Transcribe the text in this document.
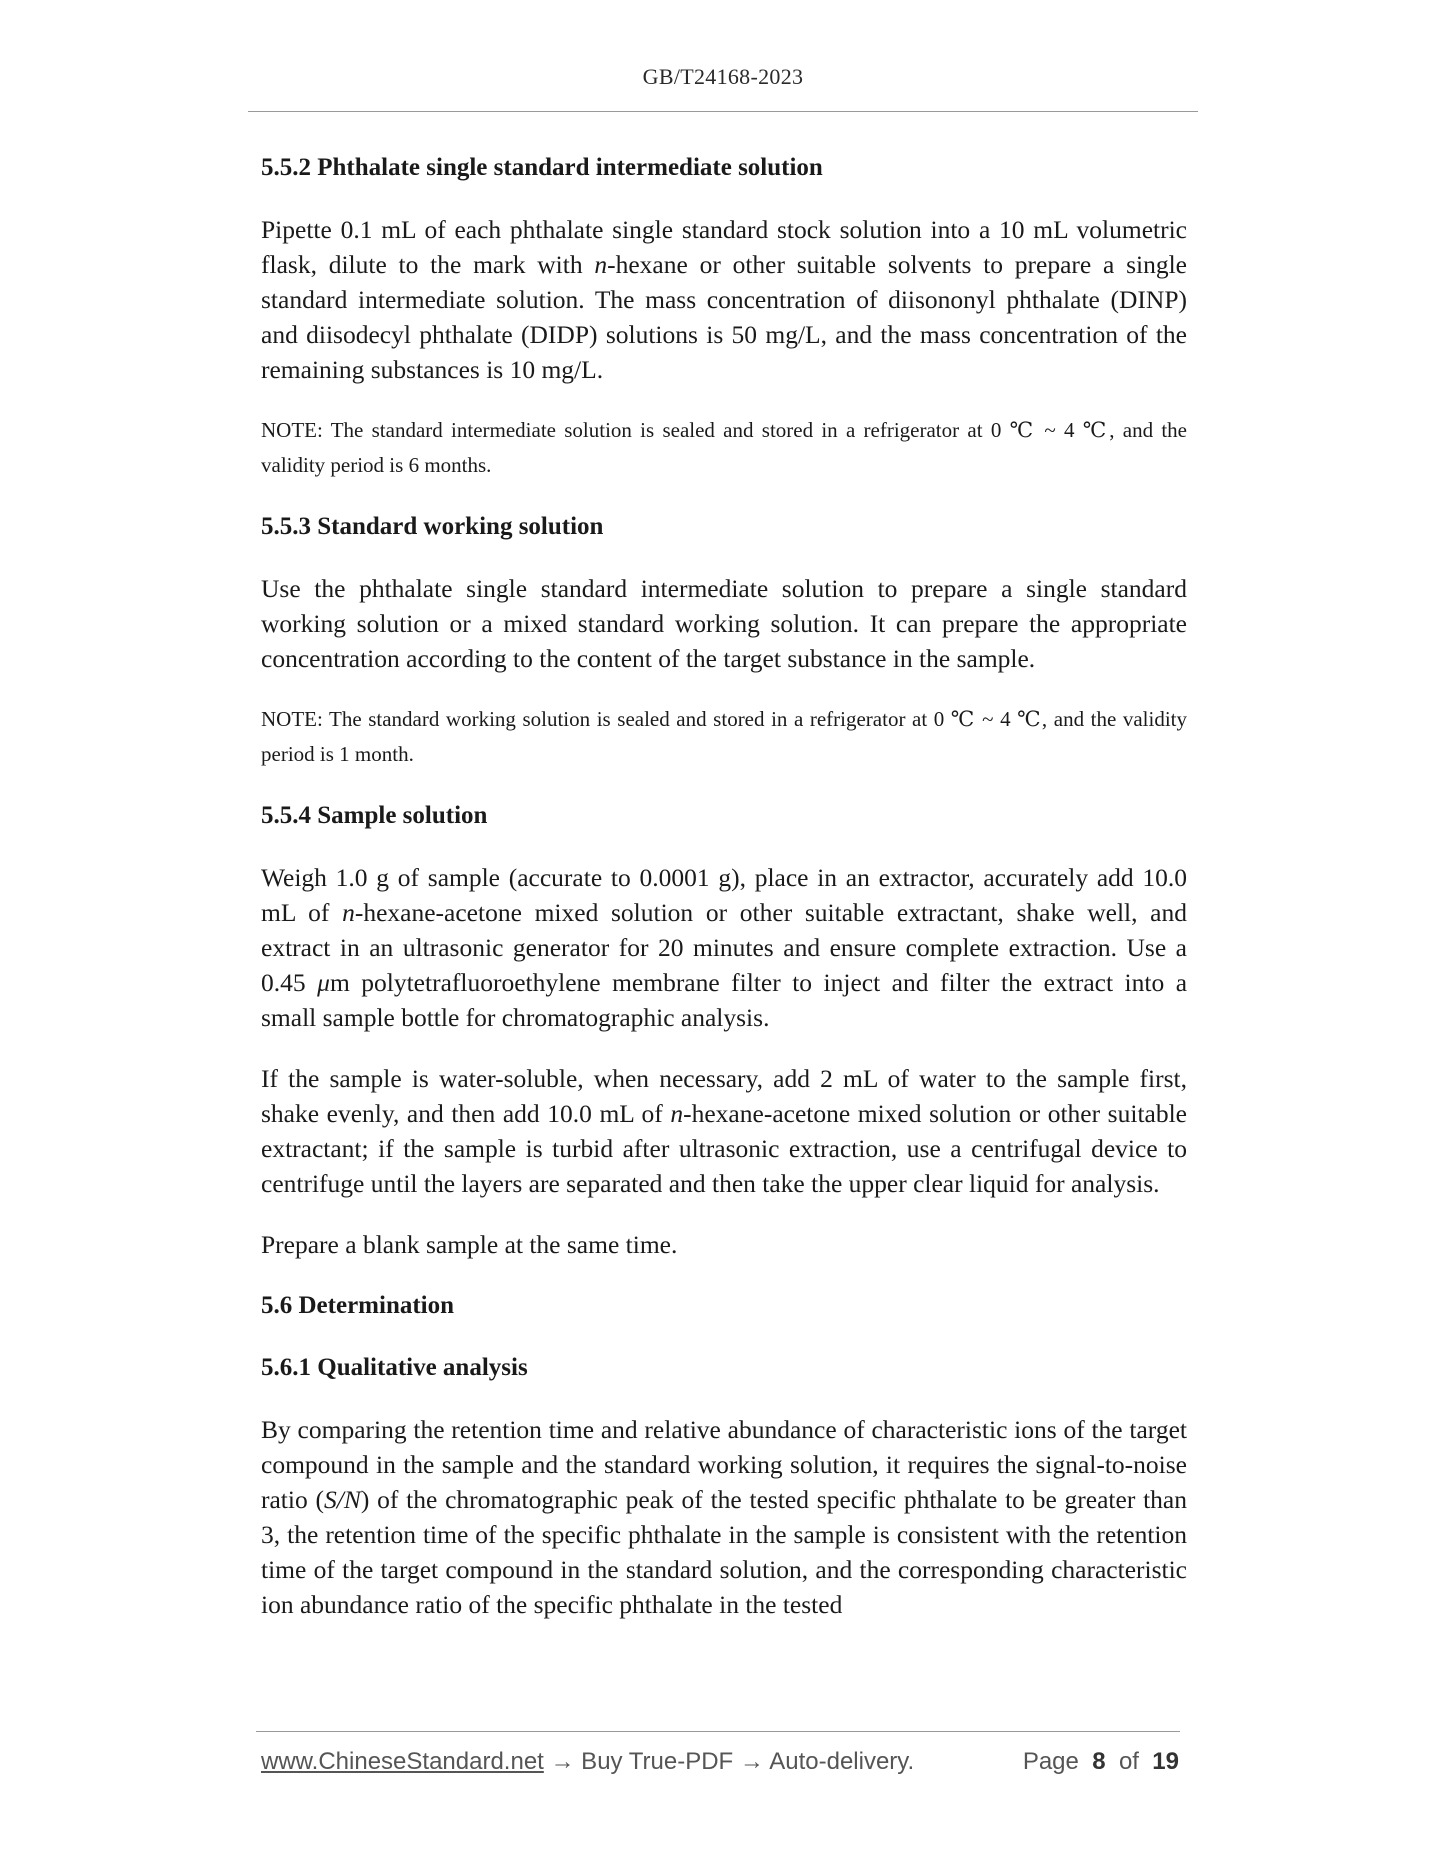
GB/T24168-2023
5.5.2 Phthalate single standard intermediate solution

Pipette 0.1 mL of each phthalate single standard stock solution into a 10 mL volumetric flask, dilute to the mark with n-hexane or other suitable solvents to prepare a single standard intermediate solution. The mass concentration of diisononyl phthalate (DINP) and diisodecyl phthalate (DIDP) solutions is 50 mg/L, and the mass concentration of the remaining substances is 10 mg/L.

NOTE: The standard intermediate solution is sealed and stored in a refrigerator at 0 ℃ ~ 4 ℃, and the validity period is 6 months.

5.5.3 Standard working solution

Use the phthalate single standard intermediate solution to prepare a single standard working solution or a mixed standard working solution. It can prepare the appropriate concentration according to the content of the target substance in the sample.

NOTE: The standard working solution is sealed and stored in a refrigerator at 0 ℃ ~ 4 ℃, and the validity period is 1 month.

5.5.4 Sample solution

Weigh 1.0 g of sample (accurate to 0.0001 g), place in an extractor, accurately add 10.0 mL of n-hexane-acetone mixed solution or other suitable extractant, shake well, and extract in an ultrasonic generator for 20 minutes and ensure complete extraction. Use a 0.45 μm polytetrafluoroethylene membrane filter to inject and filter the extract into a small sample bottle for chromatographic analysis.

If the sample is water-soluble, when necessary, add 2 mL of water to the sample first, shake evenly, and then add 10.0 mL of n-hexane-acetone mixed solution or other suitable extractant; if the sample is turbid after ultrasonic extraction, use a centrifugal device to centrifuge until the layers are separated and then take the upper clear liquid for analysis.

Prepare a blank sample at the same time.

5.6 Determination
5.6.1 Qualitative analysis

By comparing the retention time and relative abundance of characteristic ions of the target compound in the sample and the standard working solution, it requires the signal-to-noise ratio (S/N) of the chromatographic peak of the tested specific phthalate to be greater than 3, the retention time of the specific phthalate in the sample is consistent with the retention time of the target compound in the standard solution, and the corresponding characteristic ion abundance ratio of the specific phthalate in the tested

www.ChineseStandard.net → Buy True-PDF → Auto-delivery.	Page 8 of 19
